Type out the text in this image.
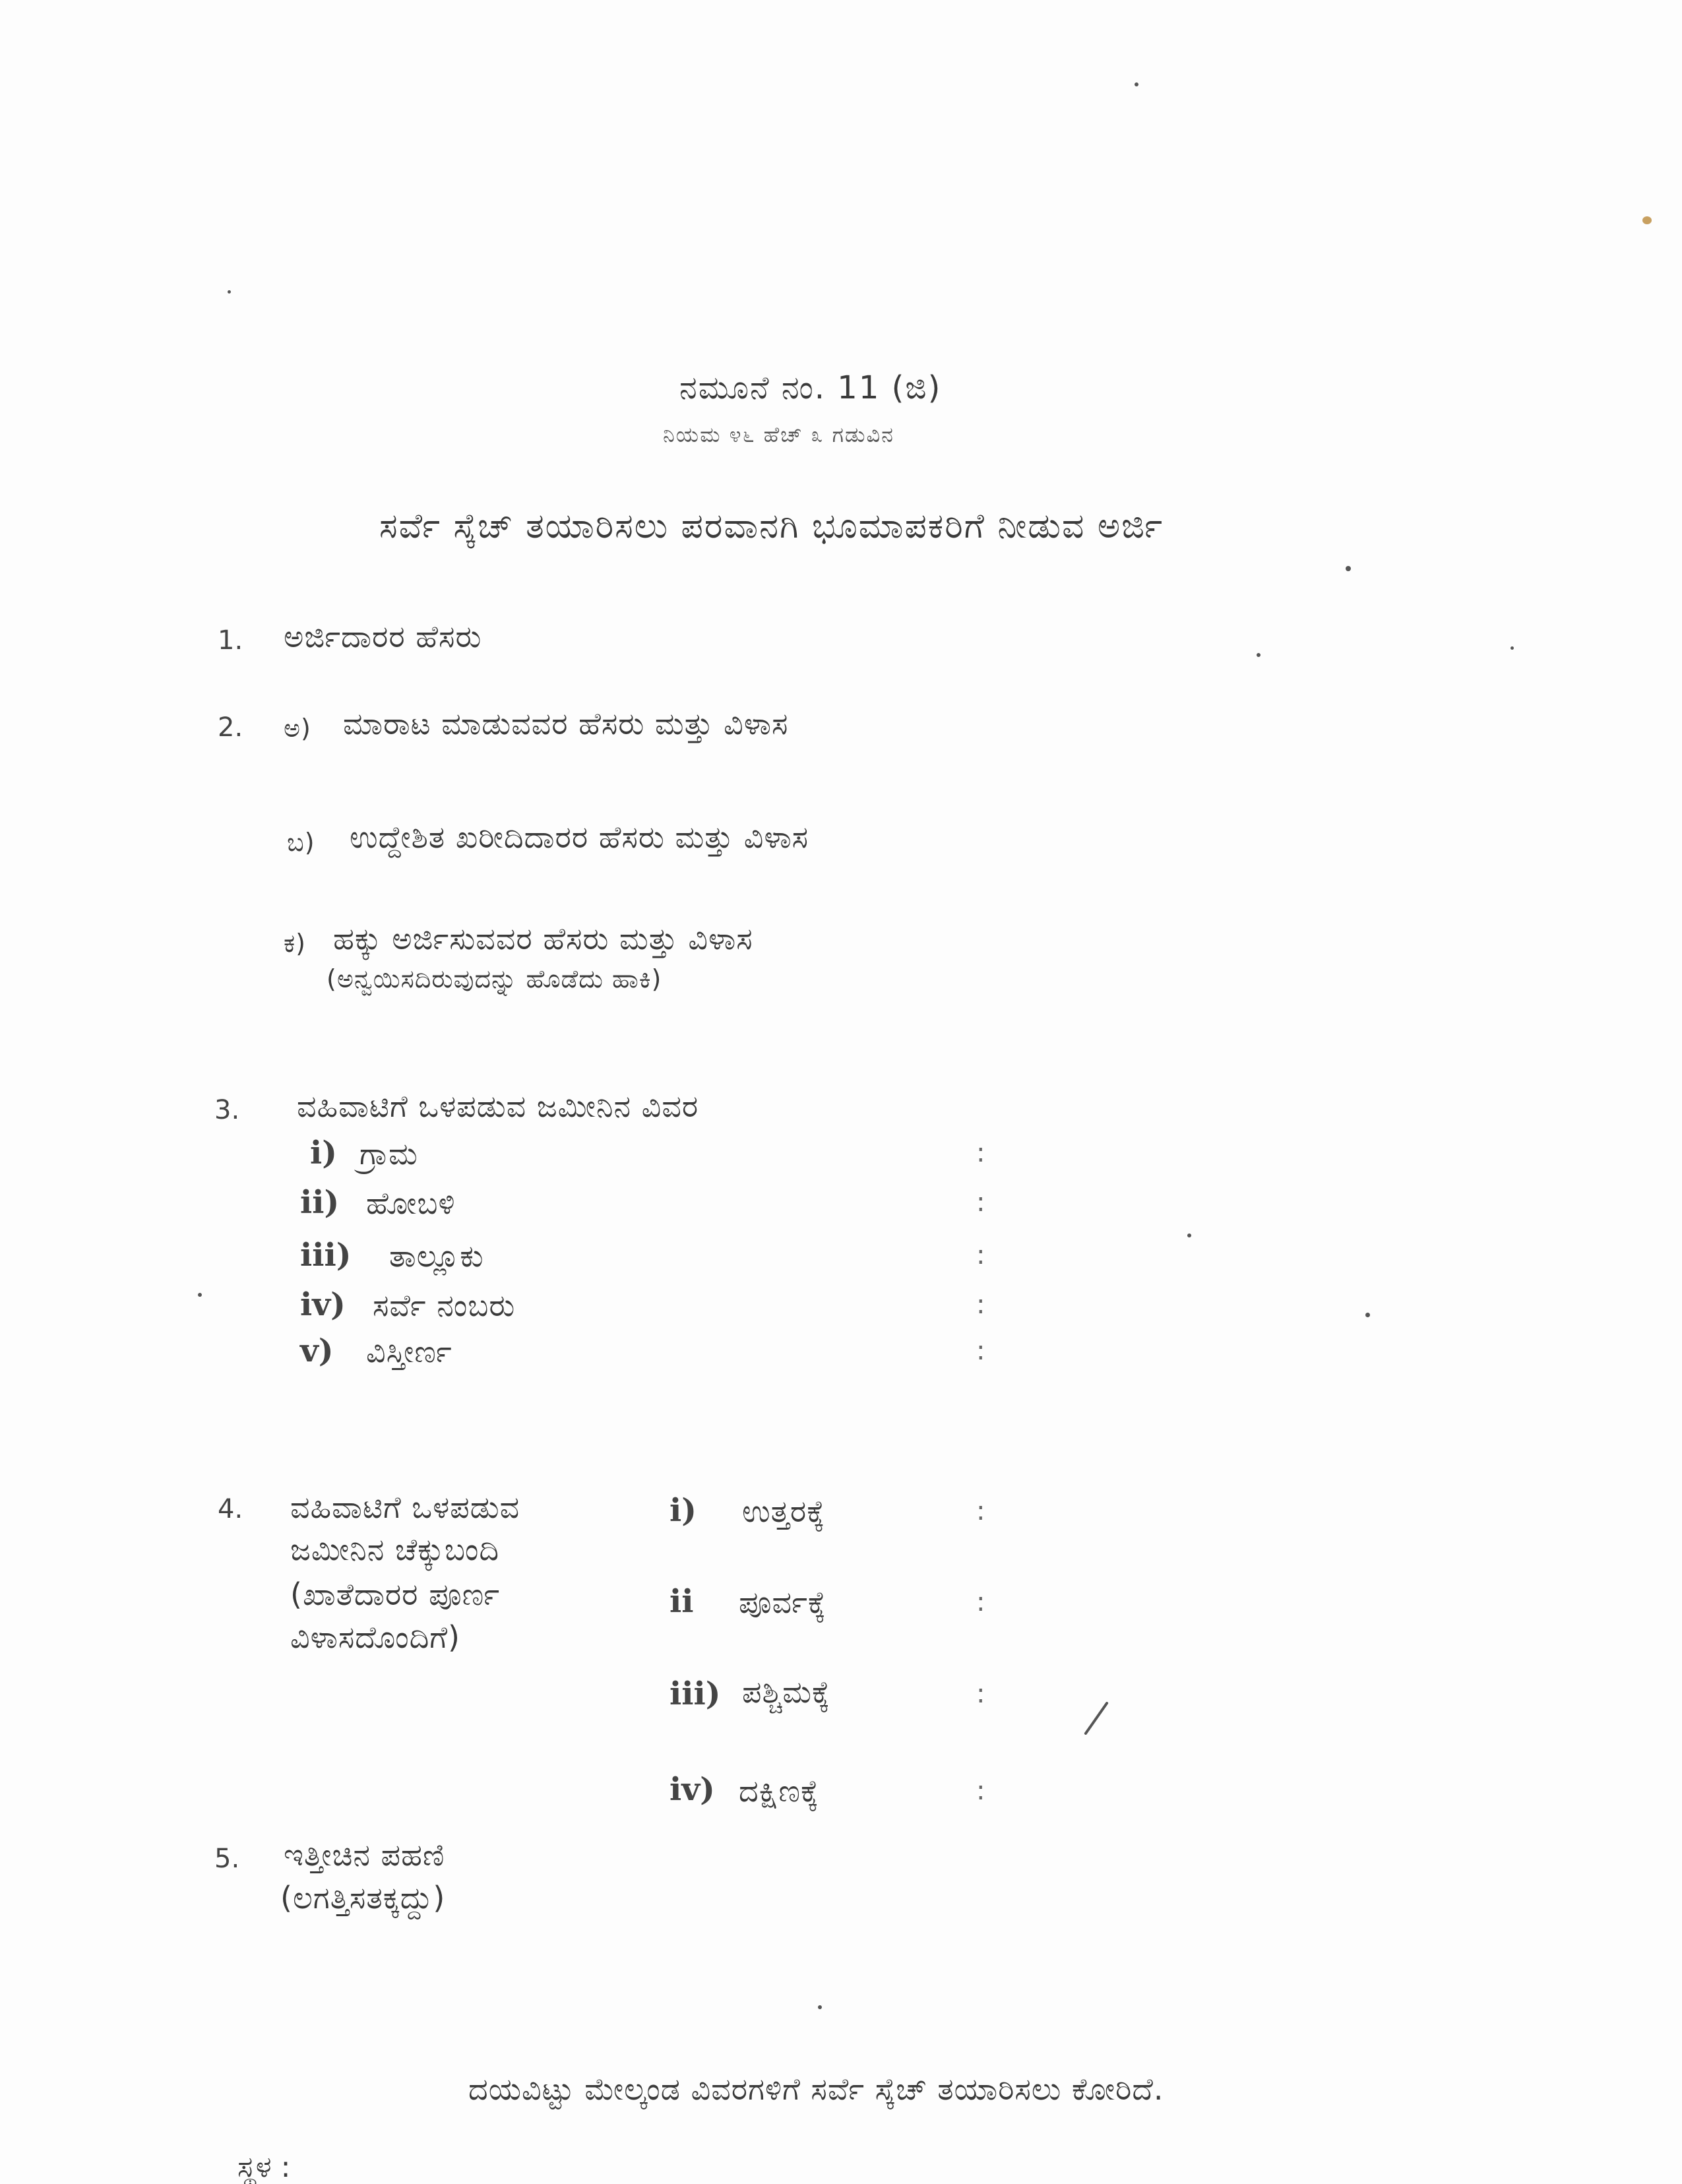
ನಮೂನೆ ನಂ. 11 (ಜಿ)
ನಿಯಮ ೪೬ ಹೆಚ್ ೩ ಗಡುವಿನ
ಸರ್ವೆ ಸ್ಕೆಚ್ ತಯಾರಿಸಲು ಪರವಾನಗಿ ಭೂಮಾಪಕರಿಗೆ ನೀಡುವ ಅರ್ಜಿ
1. ಅರ್ಜಿದಾರರ ಹೆಸರು
2. ಅ) ಮಾರಾಟ ಮಾಡುವವರ ಹೆಸರು ಮತ್ತು ವಿಳಾಸ
ಬ) ಉದ್ದೇಶಿತ ಖರೀದಿದಾರರ ಹೆಸರು ಮತ್ತು ವಿಳಾಸ
ಕ) ಹಕ್ಕು ಅರ್ಜಿಸುವವರ ಹೆಸರು ಮತ್ತು ವಿಳಾಸ
(ಅನ್ವಯಿಸದಿರುವುದನ್ನು ಹೊಡೆದು ಹಾಕಿ)
3. ವಹಿವಾಟಿಗೆ ಒಳಪಡುವ ಜಮೀನಿನ ವಿವರ
i) ಗ್ರಾಮ	:
ii) ಹೋಬಳಿ	:
iii) ತಾಲ್ಲೂಕು	:
iv) ಸರ್ವೆ ನಂಬರು	:
v) ವಿಸ್ತೀರ್ಣ	:
4. ವಹಿವಾಟಿಗೆ ಒಳಪಡುವ
ಜಮೀನಿನ ಚೆಕ್ಕುಬಂದಿ
(ಖಾತೆದಾರರ ಪೂರ್ಣ
ವಿಳಾಸದೊಂದಿಗೆ)
i) ಉತ್ತರಕ್ಕೆ	:
ii ಪೂರ್ವಕ್ಕೆ	:
iii) ಪಶ್ಚಿಮಕ್ಕೆ	:
iv) ದಕ್ಷಿಣಕ್ಕೆ	:
5. ಇತ್ತೀಚಿನ ಪಹಣಿ
(ಲಗತ್ತಿಸತಕ್ಕದ್ದು)
ದಯವಿಟ್ಟು ಮೇಲ್ಕಂಡ ವಿವರಗಳಿಗೆ ಸರ್ವೆ ಸ್ಕೆಚ್ ತಯಾರಿಸಲು ಕೋರಿದೆ.
ಸ್ಥಳ :
